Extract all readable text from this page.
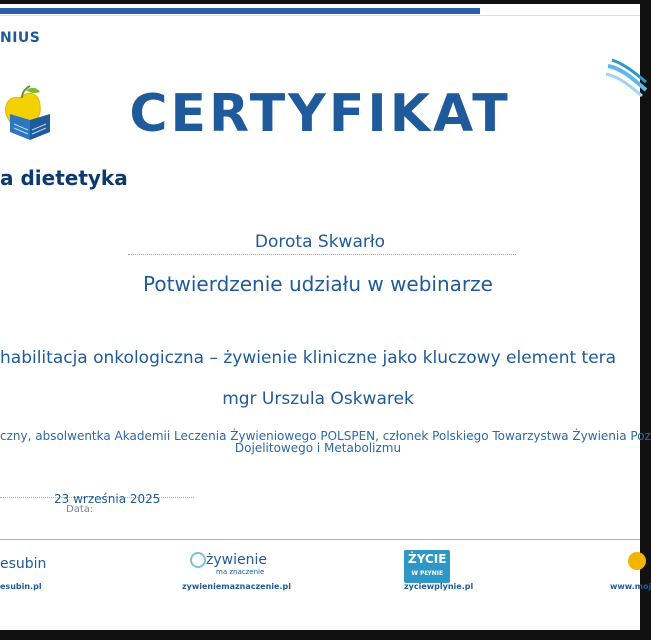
NIUS
a dietetyka
CERTYFIKAT
Dorota Skwarło
Potwierdzenie udziału w webinarze
habilitacja onkologiczna – żywienie kliniczne jako kluczowy element tera
mgr Urszula Oskwarek
czny, absolwentka Akademii Leczenia Żywieniowego POLSPEN, członek Polskiego Towarzystwa Żywienia Poz
Dojelitowego i Metabolizmu
23 września 2025
Data:
esubin
esubin.pl
żywienie
ma znaczenie
zywieniemaznaczenie.pl
ŻYCIE
W PŁYNIE
zyciewplynie.pl	www.moj
